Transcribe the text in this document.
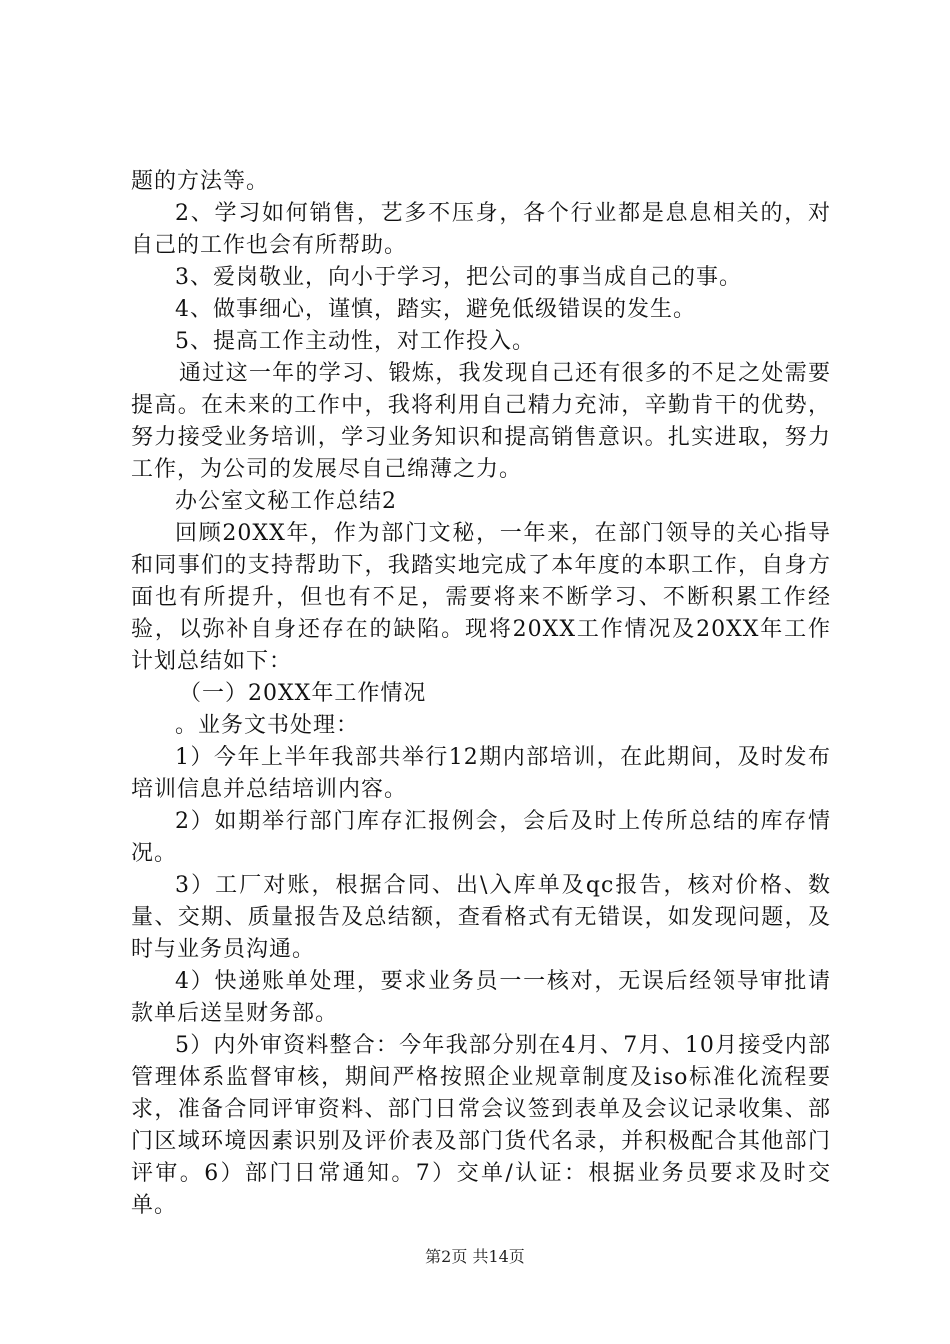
题的方法等。

2、学习如何销售，艺多不压身，各个行业都是息息相关的，对自己的工作也会有所帮助。

3、爱岗敬业，向小于学习，把公司的事当成自己的事。

4、做事细心，谨慎，踏实，避免低级错误的发生。

5、提高工作主动性，对工作投入。

通过这一年的学习、锻炼，我发现自己还有很多的不足之处需要提高。在未来的工作中，我将利用自己精力充沛，辛勤肯干的优势，努力接受业务培训，学习业务知识和提高销售意识。扎实进取，努力工作，为公司的发展尽自己绵薄之力。

办公室文秘工作总结2

回顾20XX年，作为部门文秘，一年来，在部门领导的关心指导和同事们的支持帮助下，我踏实地完成了本年度的本职工作，自身方面也有所提升，但也有不足，需要将来不断学习、不断积累工作经验，以弥补自身还存在的缺陷。现将20XX工作情况及20XX年工作计划总结如下：

（一）20XX年工作情况

。业务文书处理：

1）今年上半年我部共举行12期内部培训，在此期间，及时发布培训信息并总结培训内容。

2）如期举行部门库存汇报例会，会后及时上传所总结的库存情况。

3）工厂对账，根据合同、出\入库单及qc报告，核对价格、数量、交期、质量报告及总结额，查看格式有无错误，如发现问题，及时与业务员沟通。

4）快递账单处理，要求业务员一一核对，无误后经领导审批请款单后送呈财务部。

5）内外审资料整合：今年我部分别在4月、7月、10月接受内部管理体系监督审核，期间严格按照企业规章制度及iso标准化流程要求，准备合同评审资料、部门日常会议签到表单及会议记录收集、部门区域环境因素识别及评价表及部门货代名录，并积极配合其他部门评审。6）部门日常通知。7）交单/认证：根据业务员要求及时交单。

第2页 共14页
